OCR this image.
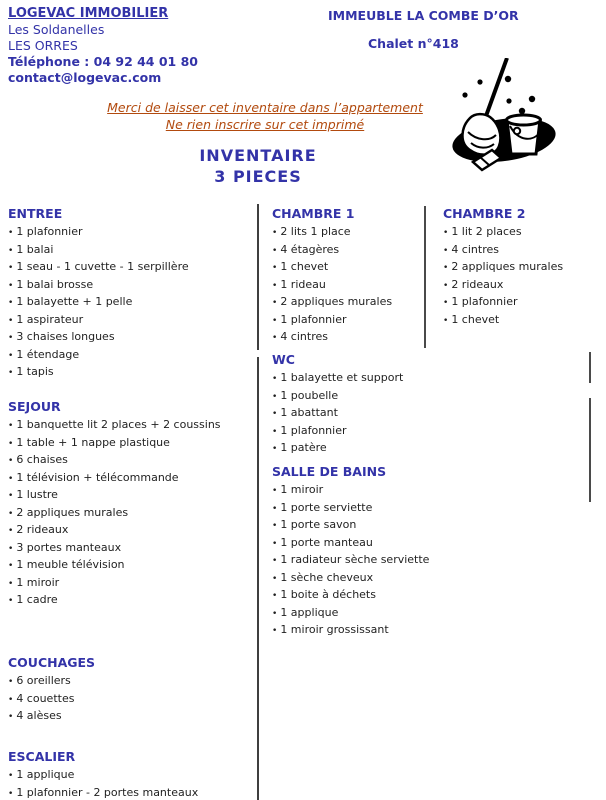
LOGEVAC IMMOBILIER
Les Soldanelles
LES ORRES
Téléphone : 04 92 44 01 80
contact@logevac.com
IMMEUBLE LA COMBE D’OR
Chalet n°418
Merci de laisser cet inventaire dans l’appartement
Ne rien inscrire sur cet imprimé
INVENTAIRE
3 PIECES
ENTREE
• 1 plafonnier
• 1 balai
• 1 seau - 1 cuvette - 1 serpillère
• 1 balai brosse
• 1 balayette + 1 pelle
• 1 aspirateur
• 3 chaises longues
• 1 étendage
• 1 tapis
SEJOUR
• 1 banquette lit 2 places + 2 coussins
• 1 table + 1 nappe plastique
• 6 chaises
• 1 télévision + télécommande
• 1 lustre
• 2 appliques murales
• 2 rideaux
• 3 portes manteaux
• 1 meuble télévision
• 1 miroir
• 1 cadre
COUCHAGES
• 6 oreillers
• 4 couettes
• 4 alèses
ESCALIER
• 1 applique
• 1 plafonnier - 2 portes manteaux
CHAMBRE 1
• 2 lits 1 place
• 4 étagères
• 1 chevet
• 1 rideau
• 2 appliques murales
• 1 plafonnier
• 4 cintres
WC
• 1 balayette et support
• 1 poubelle
• 1 abattant
• 1 plafonnier
• 1 patère
SALLE DE BAINS
• 1 miroir
• 1 porte serviette
• 1 porte savon
• 1 porte manteau
• 1 radiateur sèche serviette
• 1 sèche cheveux
• 1 boite à déchets
• 1 applique
• 1 miroir grossissant
CHAMBRE 2
• 1 lit 2 places
• 4 cintres
• 2 appliques murales
• 2 rideaux
• 1 plafonnier
• 1 chevet
